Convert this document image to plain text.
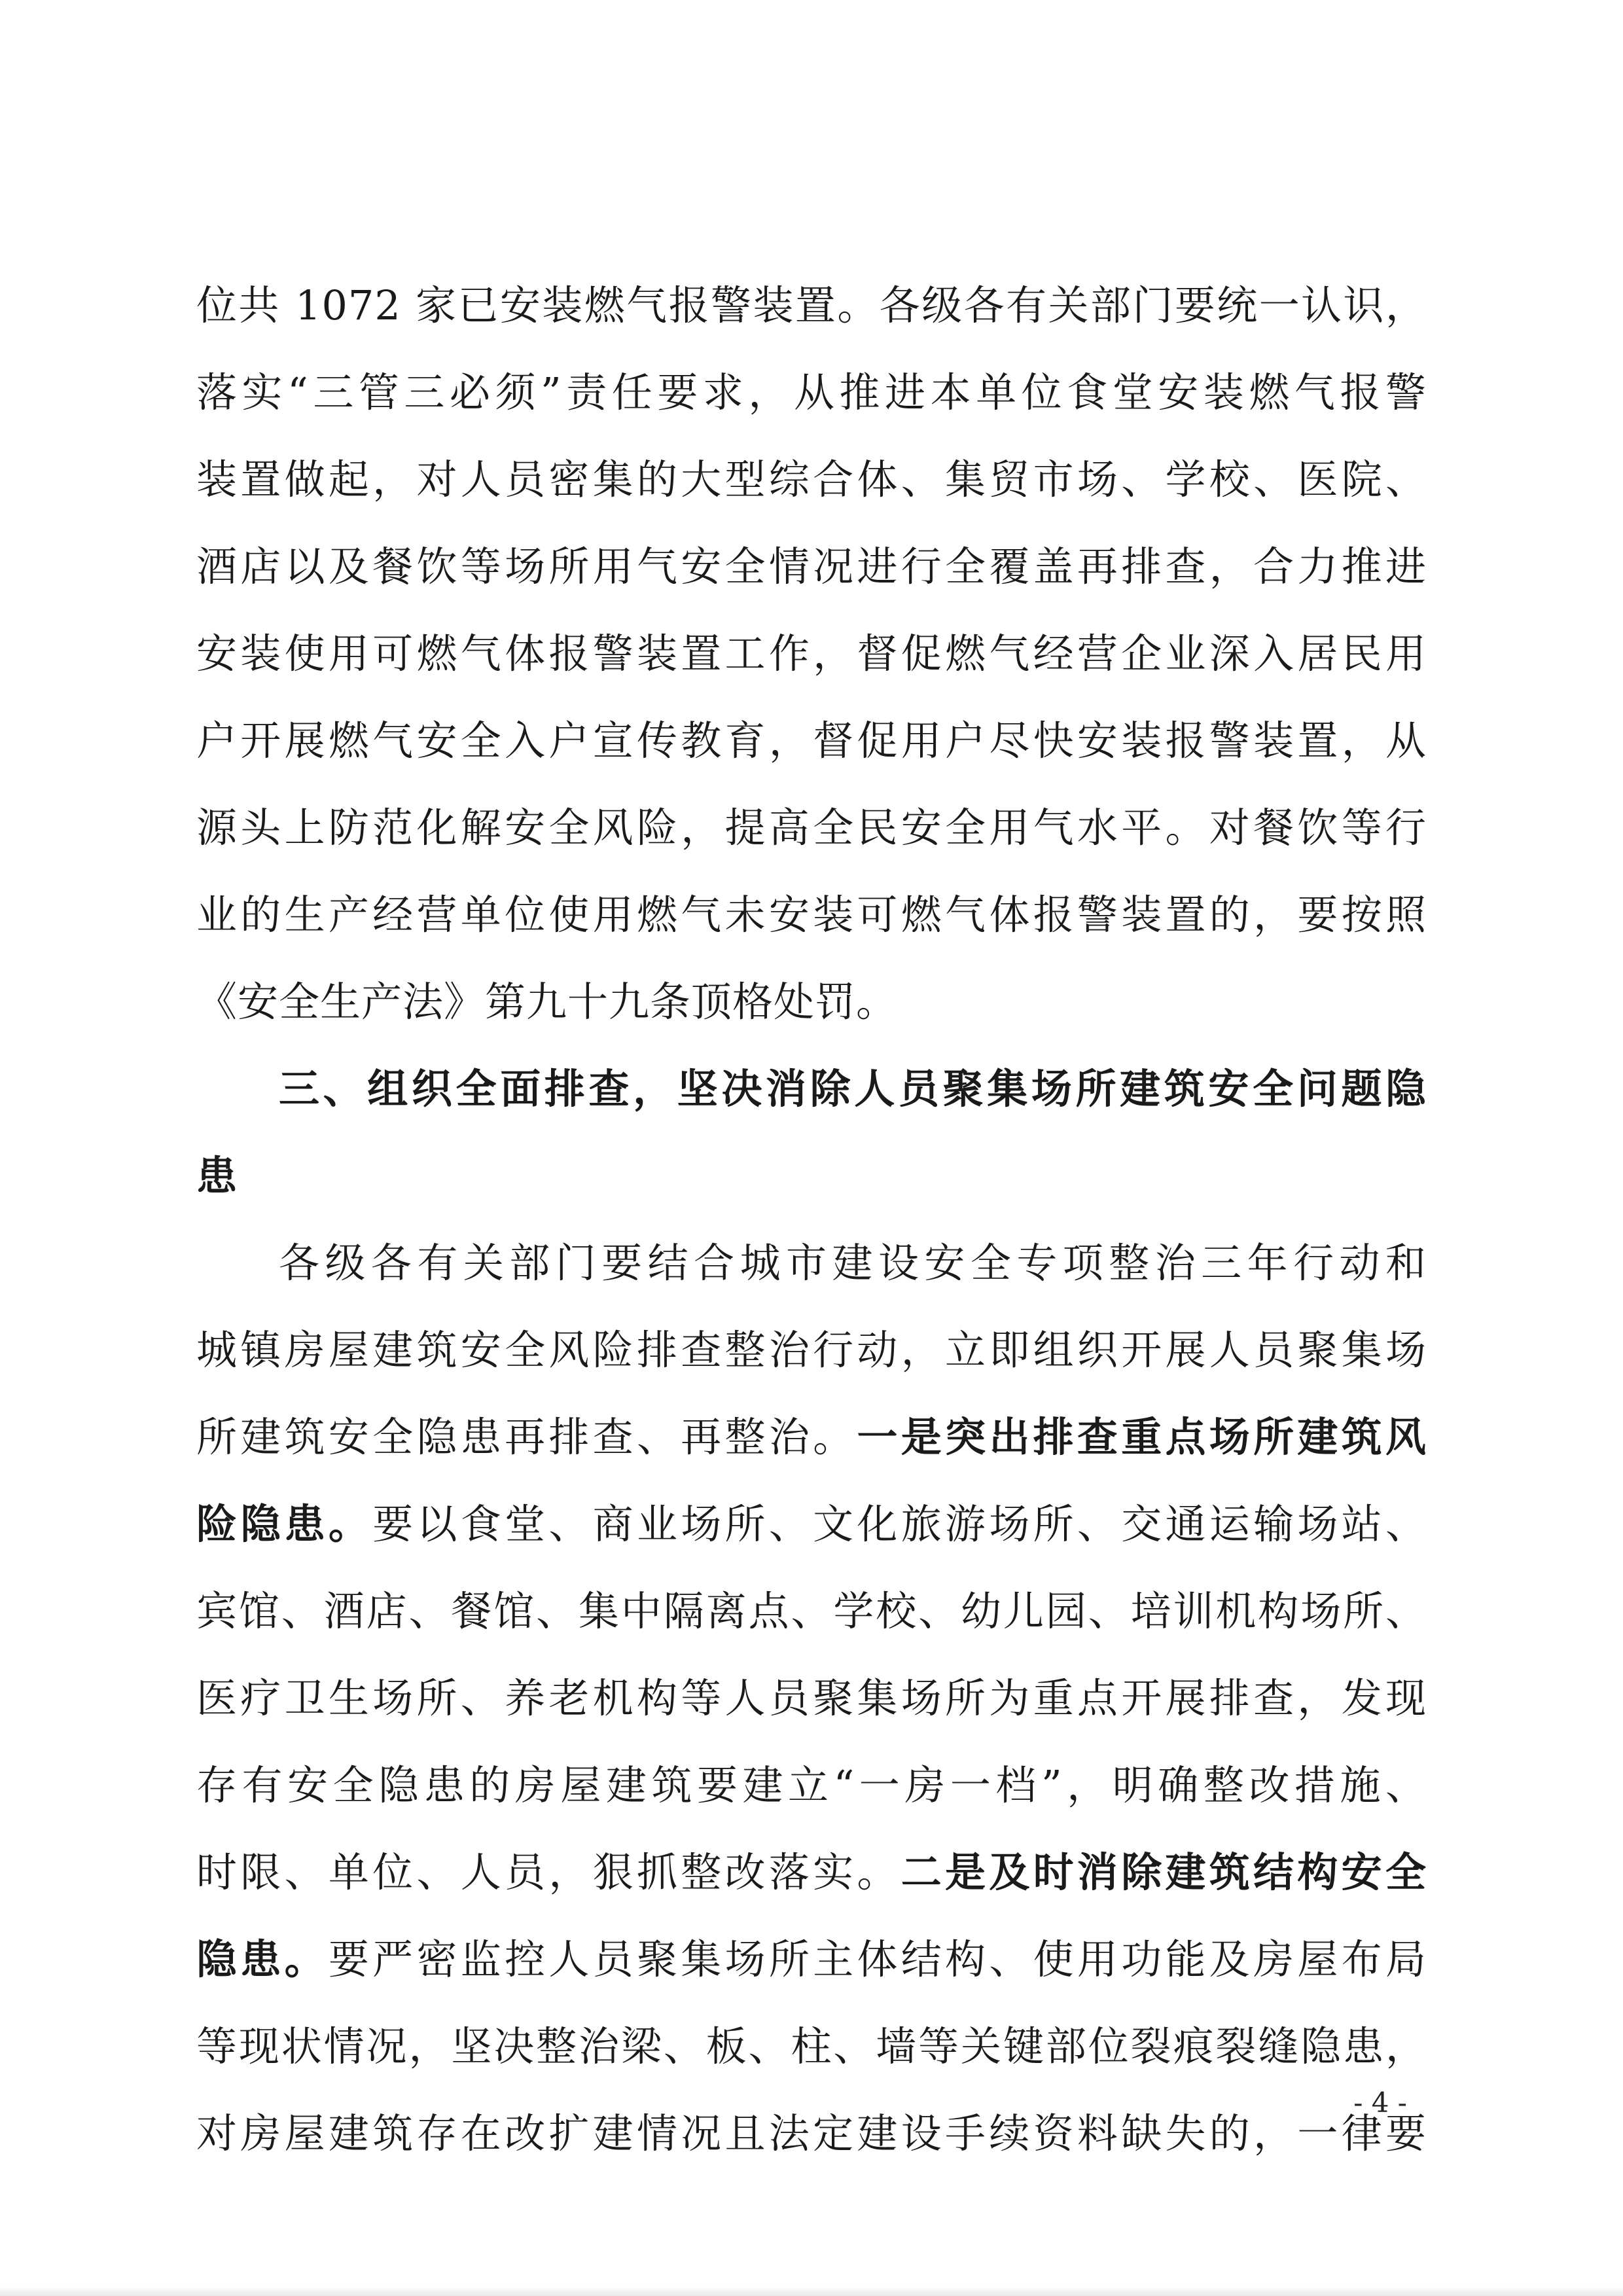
位共 1072 家已安装燃气报警装置。各级各有关部门要统一认识，
落实“三管三必须”责任要求，从推进本单位食堂安装燃气报警
装置做起，对人员密集的大型综合体、集贸市场、学校、医院、
酒店以及餐饮等场所用气安全情况进行全覆盖再排查，合力推进
安装使用可燃气体报警装置工作，督促燃气经营企业深入居民用
户开展燃气安全入户宣传教育，督促用户尽快安装报警装置，从
源头上防范化解安全风险，提高全民安全用气水平。对餐饮等行
业的生产经营单位使用燃气未安装可燃气体报警装置的，要按照
《安全生产法》第九十九条顶格处罚。
三、组织全面排查，坚决消除人员聚集场所建筑安全问题隐
患
各级各有关部门要结合城市建设安全专项整治三年行动和
城镇房屋建筑安全风险排查整治行动，立即组织开展人员聚集场
所建筑安全隐患再排查、再整治。一是突出排查重点场所建筑风
险隐患。要以食堂、商业场所、文化旅游场所、交通运输场站、
宾馆、酒店、餐馆、集中隔离点、学校、幼儿园、培训机构场所、
医疗卫生场所、养老机构等人员聚集场所为重点开展排查，发现
存有安全隐患的房屋建筑要建立“一房一档”，明确整改措施、
时限、单位、人员，狠抓整改落实。二是及时消除建筑结构安全
隐患。要严密监控人员聚集场所主体结构、使用功能及房屋布局
等现状情况，坚决整治梁、板、柱、墙等关键部位裂痕裂缝隐患，
对房屋建筑存在改扩建情况且法定建设手续资料缺失的，一律要
- 4 -
